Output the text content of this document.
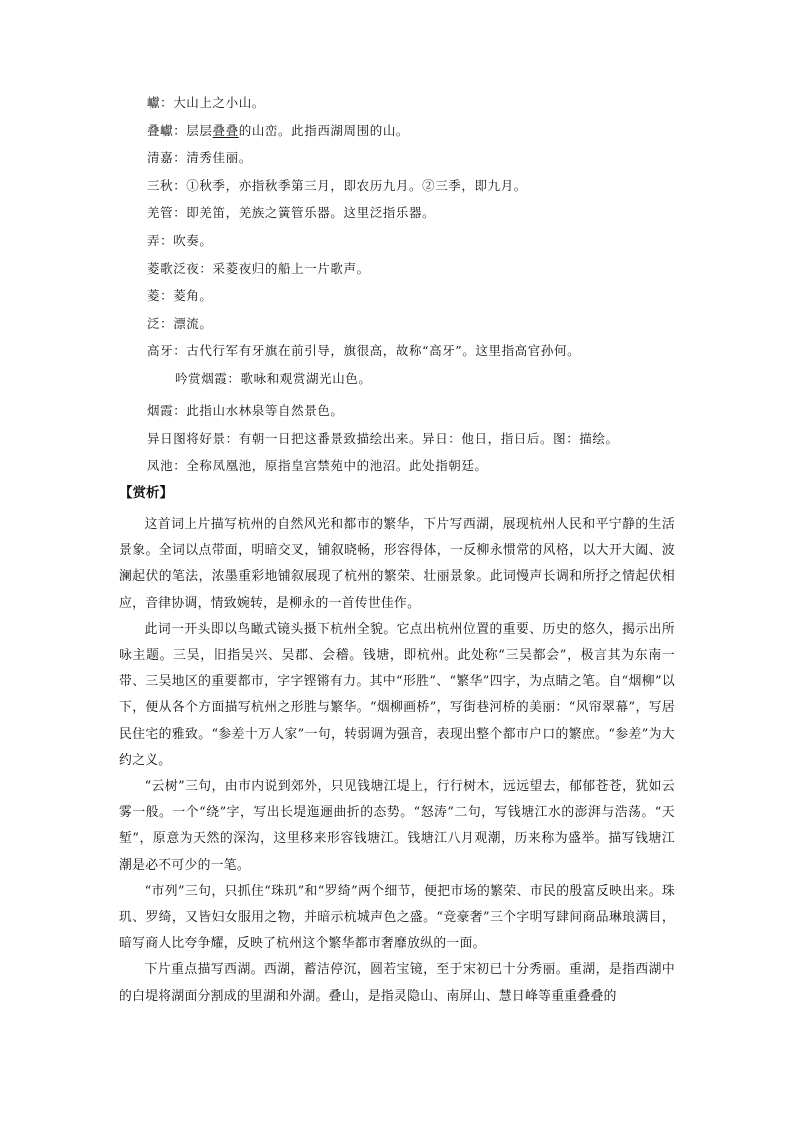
巘：大山上之小山。
叠巘：层层叠叠的山峦。此指西湖周围的山。
清嘉：清秀佳丽。
三秋：①秋季，亦指秋季第三月，即农历九月。②三季，即九月。
羌管：即羌笛，羌族之簧管乐器。这里泛指乐器。
弄：吹奏。
菱歌泛夜：采菱夜归的船上一片歌声。
菱：菱角。
泛：漂流。
高牙：古代行军有牙旗在前引导，旗很高，故称“高牙”。这里指高官孙何。
吟赏烟霞：歌咏和观赏湖光山色。
烟霞：此指山水林泉等自然景色。
异日图将好景：有朝一日把这番景致描绘出来。异日：他日，指日后。图：描绘。
凤池：全称凤凰池，原指皇宫禁苑中的池沼。此处指朝廷。
【赏析】

这首词上片描写杭州的自然风光和都市的繁华，下片写西湖，展现杭州人民和平宁静的生活景象。全词以点带面，明暗交叉，铺叙晓畅，形容得体，一反柳永惯常的风格，以大开大阖、波澜起伏的笔法，浓墨重彩地铺叙展现了杭州的繁荣、壮丽景象。此词慢声长调和所抒之情起伏相应，音律协调，情致婉转，是柳永的一首传世佳作。

此词一开头即以鸟瞰式镜头摄下杭州全貌。它点出杭州位置的重要、历史的悠久，揭示出所咏主题。三吴，旧指吴兴、吴郡、会稽。钱塘，即杭州。此处称“三吴都会”，极言其为东南一带、三吴地区的重要都市，字字铿锵有力。其中“形胜”、“繁华”四字，为点睛之笔。自“烟柳”以下，便从各个方面描写杭州之形胜与繁华。“烟柳画桥”，写街巷河桥的美丽：“风帘翠幕”，写居民住宅的雅致。“参差十万人家”一句，转弱调为强音，表现出整个都市户口的繁庶。“参差”为大约之义。

“云树”三句，由市内说到郊外，只见钱塘江堤上，行行树木，远远望去，郁郁苍苍，犹如云雾一般。一个“绕”字，写出长堤迤逦曲折的态势。“怒涛”二句，写钱塘江水的澎湃与浩荡。“天堑”，原意为天然的深沟，这里移来形容钱塘江。钱塘江八月观潮，历来称为盛举。描写钱塘江潮是必不可少的一笔。

“市列”三句，只抓住“珠玑”和“罗绮”两个细节，便把市场的繁荣、市民的殷富反映出来。珠玑、罗绮，又皆妇女服用之物，并暗示杭城声色之盛。“竞豪奢”三个字明写肆间商品琳琅满目，暗写商人比夸争耀，反映了杭州这个繁华都市奢靡放纵的一面。

下片重点描写西湖。西湖，蓄洁停沉，圆若宝镜，至于宋初已十分秀丽。重湖，是指西湖中的白堤将湖面分割成的里湖和外湖。叠山，是指灵隐山、南屏山、慧日峰等重重叠叠的
